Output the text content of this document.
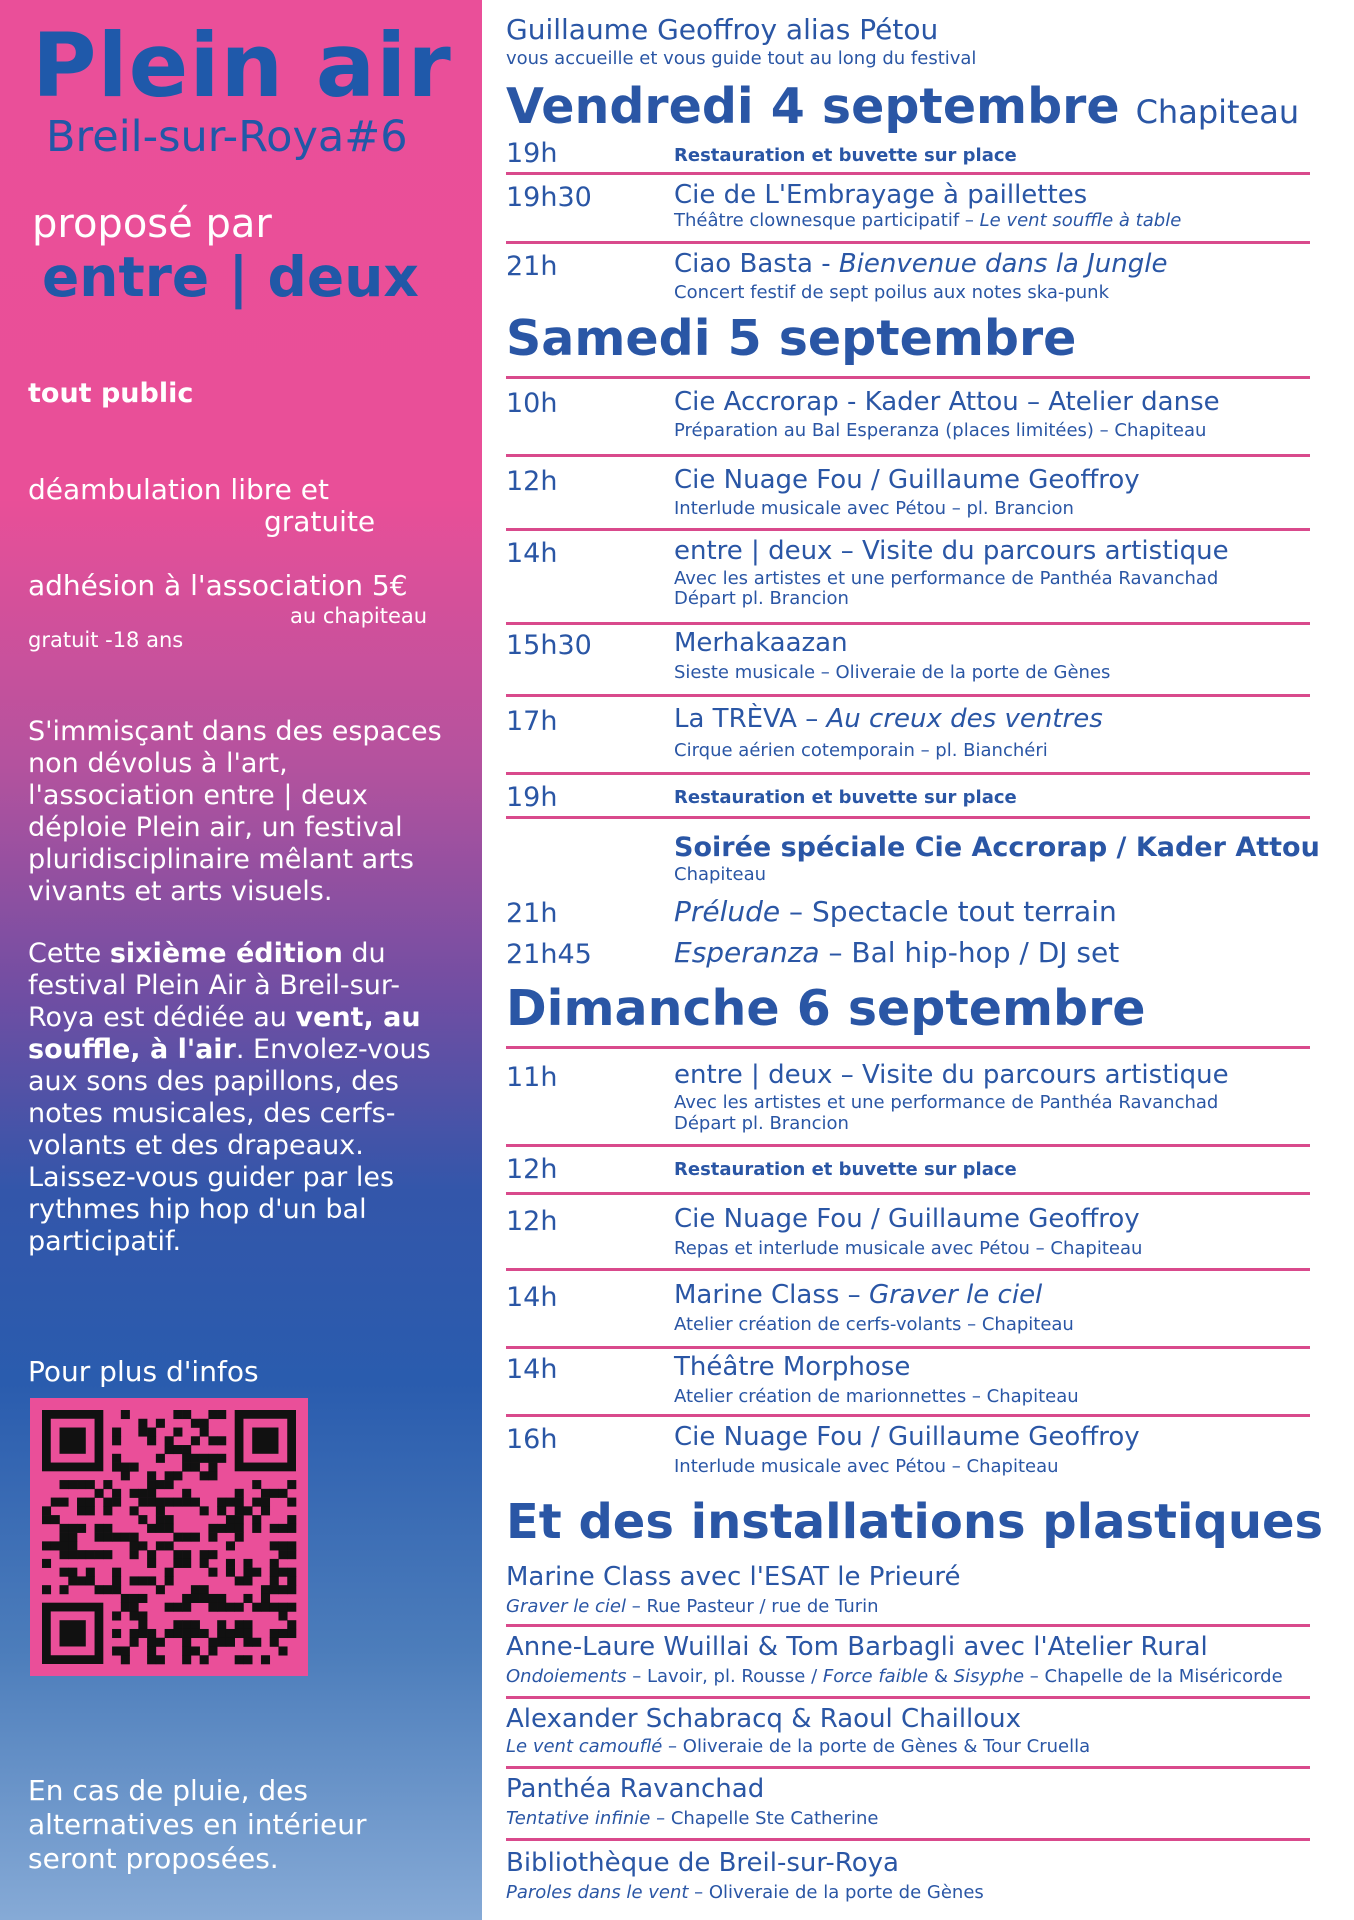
Plein air
Breil-sur-Roya#6
proposé par
entre | deux
tout public
déambulation libre et
gratuite
adhésion à l'association 5€
au chapiteau
gratuit -18 ans
S'immisçant dans des espaces non dévolus à l'art, l'association entre | deux déploie Plein air, un festival pluridisciplinaire mêlant arts vivants et arts visuels.
Cette sixième édition du festival Plein Air à Breil-sur-Roya est dédiée au vent, au souffle, à l'air. Envolez-vous aux sons des papillons, des notes musicales, des cerfs-volants et des drapeaux. Laissez-vous guider par les rythmes hip hop d'un bal participatif.
Pour plus d'infos
En cas de pluie, des alternatives en intérieur seront proposées.
Guillaume Geoffroy alias Pétou
vous accueille et vous guide tout au long du festival
Vendredi 4 septembre Chapiteau
19h	Restauration et buvette sur place
19h30	Cie de L'Embrayage à paillettes
Théâtre clownesque participatif – Le vent souffle à table
21h	Ciao Basta - Bienvenue dans la Jungle
Concert festif de sept poilus aux notes ska-punk
Samedi 5 septembre
10h	Cie Accrorap - Kader Attou – Atelier danse
Préparation au Bal Esperanza (places limitées) – Chapiteau
12h	Cie Nuage Fou / Guillaume Geoffroy
Interlude musicale avec Pétou – pl. Brancion
14h	entre | deux – Visite du parcours artistique
Avec les artistes et une performance de Panthéa Ravanchad
Départ pl. Brancion
15h30	Merhakaazan
Sieste musicale – Oliveraie de la porte de Gènes
17h	La TRÈVA – Au creux des ventres
Cirque aérien cotemporain – pl. Bianchéri
19h	Restauration et buvette sur place
Soirée spéciale Cie Accrorap / Kader Attou
Chapiteau
21h	Prélude – Spectacle tout terrain
21h45	Esperanza – Bal hip-hop / DJ set
Dimanche 6 septembre
11h	entre | deux – Visite du parcours artistique
Avec les artistes et une performance de Panthéa Ravanchad
Départ pl. Brancion
12h	Restauration et buvette sur place
12h	Cie Nuage Fou / Guillaume Geoffroy
Repas et interlude musicale avec Pétou – Chapiteau
14h	Marine Class – Graver le ciel
Atelier création de cerfs-volants – Chapiteau
14h	Théâtre Morphose
Atelier création de marionnettes – Chapiteau
16h	Cie Nuage Fou / Guillaume Geoffroy
Interlude musicale avec Pétou – Chapiteau
Et des installations plastiques
Marine Class avec l'ESAT le Prieuré
Graver le ciel – Rue Pasteur / rue de Turin
Anne-Laure Wuillai & Tom Barbagli avec l'Atelier Rural
Ondoiements – Lavoir, pl. Rousse / Force faible & Sisyphe – Chapelle de la Miséricorde
Alexander Schabracq & Raoul Chailloux
Le vent camouflé – Oliveraie de la porte de Gènes & Tour Cruella
Panthéa Ravanchad
Tentative infinie – Chapelle Ste Catherine
Bibliothèque de Breil-sur-Roya
Paroles dans le vent – Oliveraie de la porte de Gènes
